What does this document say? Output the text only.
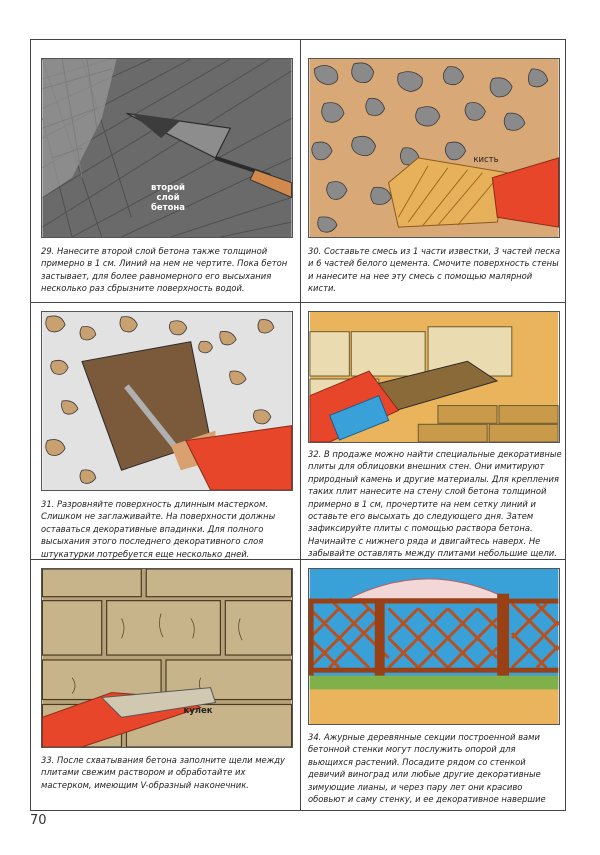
второй слой бетона

29. Нанесите второй слой бетона также толщиной примерно в 1 см. Линий на нем не чертите. Пока бетон застывает, для более равномерного его высыхания несколько раз сбрызните поверхность водой.

кисть

30. Составьте смесь из 1 части известки, 3 частей песка и 6 частей белого цемента. Смочите поверхность стены и нанесите на нее эту смесь с помощью малярной кисти.

31. Разровняйте поверхность длинным мастерком. Слишком не заглаживайте. На поверхности должны оставаться декоративные впадинки. Для полного высыхания этого последнего декоративного слоя штукатурки потребуется еще несколько дней.

32. В продаже можно найти специальные декоративные плиты для облицовки внешних стен. Они имитируют природный камень и другие материалы. Для крепления таких плит нанесите на стену слой бетона толщиной примерно в 1 см, прочертите на нем сетку линий и оставьте его высыхать до следующего дня. Затем зафиксируйте плиты с помощью раствора бетона. Начинайте с нижнего ряда и двигайтесь наверх. Не забывайте оставлять между плитами небольшие щели.

кулек

33. После схватывания бетона заполните щели между плитами свежим раствором и обработайте их мастерком, имеющим V-образный наконечник.

34. Ажурные деревянные секции построенной вами бетонной стенки могут послужить опорой для вьющихся растений. Посадите рядом со стенкой девичий виноград или любые другие декоративные зимующие лианы, и через пару лет они красиво обовьют и саму стенку, и ее декоративное навершие

70
